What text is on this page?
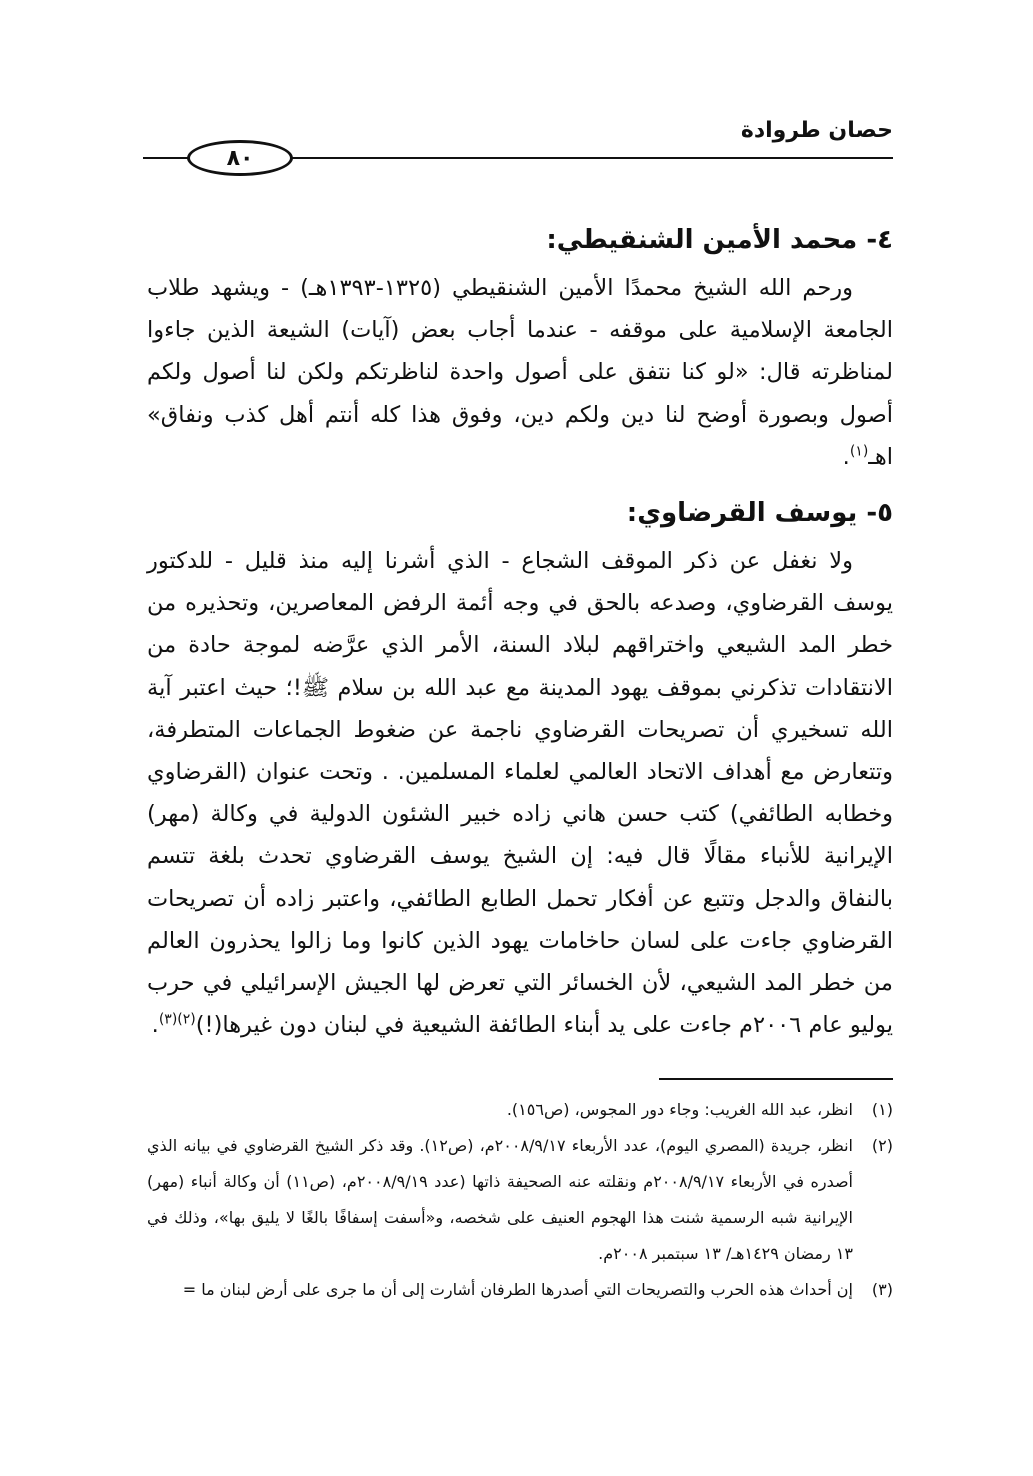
حصان طروادة
٨٠
٤- محمد الأمين الشنقيطي:

ورحم الله الشيخ محمدًا الأمين الشنقيطي (١٣٢٥-١٣٩٣هـ) - ويشهد طلاب الجامعة الإسلامية على موقفه - عندما أجاب بعض (آيات) الشيعة الذين جاءوا لمناظرته قال: «لو كنا نتفق على أصول واحدة لناظرتكم ولكن لنا أصول ولكم أصول وبصورة أوضح لنا دين ولكم دين، وفوق هذا كله أنتم أهل كذب ونفاق» اهـ$^{(١)}$.

٥- يوسف القرضاوي:

ولا نغفل عن ذكر الموقف الشجاع - الذي أشرنا إليه منذ قليل - للدكتور يوسف القرضاوي، وصدعه بالحق في وجه أئمة الرفض المعاصرين، وتحذيره من خطر المد الشيعي واختراقهم لبلاد السنة، الأمر الذي عرَّضه لموجة حادة من الانتقادات تذكرني بموقف يهود المدينة مع عبد الله بن سلام ﷺ!؛ حيث اعتبر آية الله تسخيري أن تصريحات القرضاوي ناجمة عن ضغوط الجماعات المتطرفة، وتتعارض مع أهداف الاتحاد العالمي لعلماء المسلمين. . وتحت عنوان (القرضاوي وخطابه الطائفي) كتب حسن هاني زاده خبير الشئون الدولية في وكالة (مهر) الإيرانية للأنباء مقالًا قال فيه: إن الشيخ يوسف القرضاوي تحدث بلغة تتسم بالنفاق والدجل وتتبع عن أفكار تحمل الطابع الطائفي، واعتبر زاده أن تصريحات القرضاوي جاءت على لسان حاخامات يهود الذين كانوا وما زالوا يحذرون العالم من خطر المد الشيعي، لأن الخسائر التي تعرض لها الجيش الإسرائيلي في حرب يوليو عام ٢٠٠٦م جاءت على يد أبناء الطائفة الشيعية في لبنان دون غيرها(!)$^{(٢)(٣)}$.

(١)
انظر، عبد الله الغريب: وجاء دور المجوس، (ص١٥٦).
(٢)
انظر، جريدة (المصري اليوم)، عدد الأربعاء ٢٠٠٨/٩/١٧م، (ص١٢). وقد ذكر الشيخ القرضاوي في بيانه الذي أصدره في الأربعاء ٢٠٠٨/٩/١٧م ونقلته عنه الصحيفة ذاتها (عدد ٢٠٠٨/٩/١٩م، (ص١١) أن وكالة أنباء (مهر) الإيرانية شبه الرسمية شنت هذا الهجوم العنيف على شخصه، و«أسفت إسفافًا بالغًا لا يليق بها»، وذلك في ١٣ رمضان ١٤٢٩هـ/ ١٣ سبتمبر ٢٠٠٨م.
(٣)
إن أحداث هذه الحرب والتصريحات التي أصدرها الطرفان أشارت إلى أن ما جرى على أرض لبنان ما =
